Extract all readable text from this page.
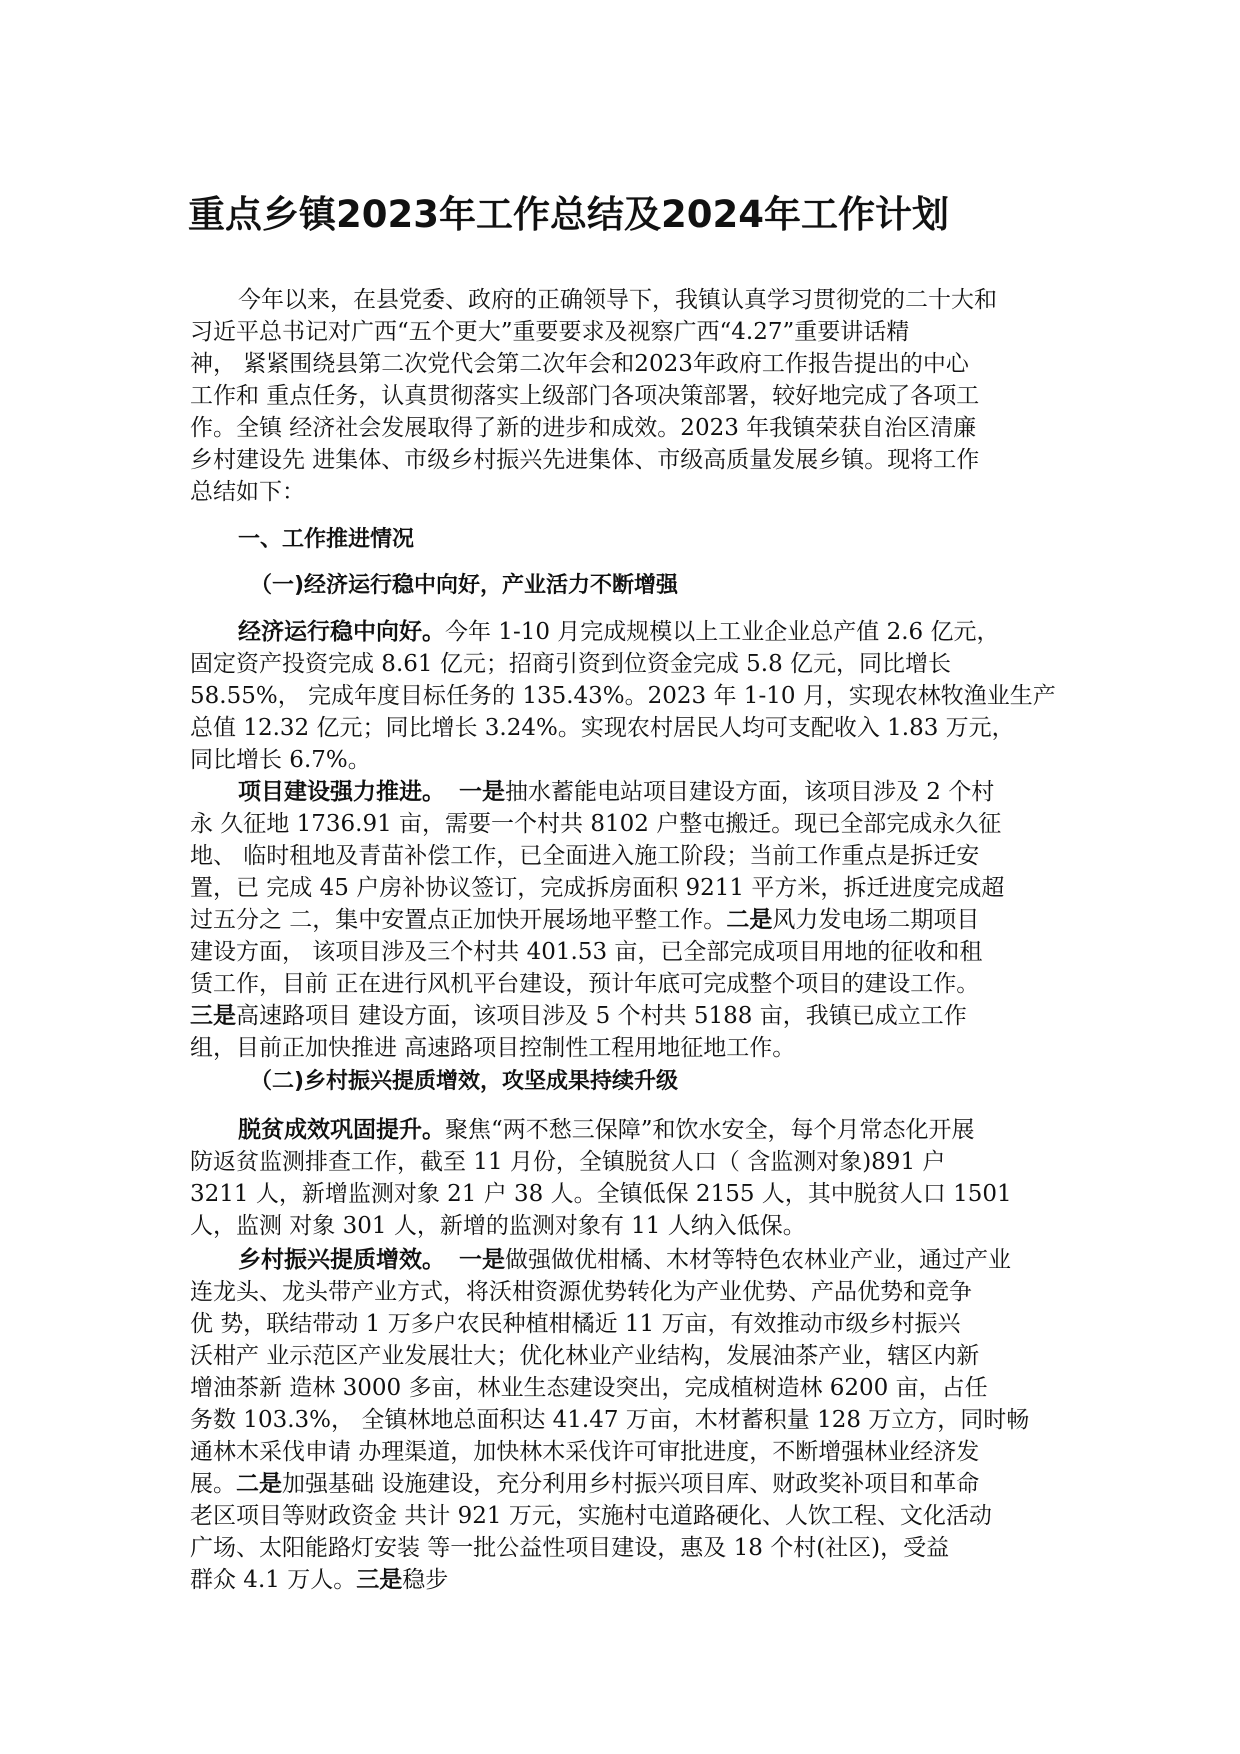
重点乡镇2023年工作总结及2024年工作计划
今年以来，在县党委、政府的正确领导下，我镇认真学习贯彻党的二十大和
习近平总书记对广西“五个更大”重要要求及视察广西“4.27”重要讲话精
神， 紧紧围绕县第二次党代会第二次年会和2023年政府工作报告提出的中心
工作和 重点任务，认真贯彻落实上级部门各项决策部署，较好地完成了各项工
作。全镇 经济社会发展取得了新的进步和成效。2023 年我镇荣获自治区清廉
乡村建设先 进集体、市级乡村振兴先进集体、市级高质量发展乡镇。现将工作
总结如下：
一、工作推进情况
（一)经济运行稳中向好，产业活力不断增强
经济运行稳中向好。今年 1-10 月完成规模以上工业企业总产值 2.6 亿元，
固定资产投资完成 8.61 亿元；招商引资到位资金完成 5.8 亿元，同比增长
58.55%， 完成年度目标任务的 135.43%。2023 年 1-10 月，实现农林牧渔业生产
总值 12.32 亿元；同比增长 3.24%。实现农村居民人均可支配收入 1.83 万元，
同比增长 6.7%。
项目建设强力推进。 一是抽水蓄能电站项目建设方面，该项目涉及 2 个村
永 久征地 1736.91 亩，需要一个村共 8102 户整屯搬迁。现已全部完成永久征
地、 临时租地及青苗补偿工作，已全面进入施工阶段；当前工作重点是拆迁安
置，已 完成 45 户房补协议签订，完成拆房面积 9211 平方米，拆迁进度完成超
过五分之 二，集中安置点正加快开展场地平整工作。二是风力发电场二期项目
建设方面， 该项目涉及三个村共 401.53 亩，已全部完成项目用地的征收和租
赁工作，目前 正在进行风机平台建设，预计年底可完成整个项目的建设工作。
三是高速路项目 建设方面，该项目涉及 5 个村共 5188 亩，我镇已成立工作
组，目前正加快推进 高速路项目控制性工程用地征地工作。
（二)乡村振兴提质增效，攻坚成果持续升级
脱贫成效巩固提升。聚焦“两不愁三保障”和饮水安全，每个月常态化开展
防返贫监测排查工作，截至 11 月份，全镇脱贫人口（ 含监测对象)891 户
3211 人，新增监测对象 21 户 38 人。全镇低保 2155 人，其中脱贫人口 1501
人，监测 对象 301 人，新增的监测对象有 11 人纳入低保。
乡村振兴提质增效。 一是做强做优柑橘、木材等特色农林业产业，通过产业
连龙头、龙头带产业方式，将沃柑资源优势转化为产业优势、产品优势和竞争
优 势，联结带动 1 万多户农民种植柑橘近 11 万亩，有效推动市级乡村振兴
沃柑产 业示范区产业发展壮大；优化林业产业结构，发展油茶产业，辖区内新
增油茶新 造林 3000 多亩，林业生态建设突出，完成植树造林 6200 亩，占任
务数 103.3%， 全镇林地总面积达 41.47 万亩，木材蓄积量 128 万立方，同时畅
通林木采伐申请 办理渠道，加快林木采伐许可审批进度，不断增强林业经济发
展。二是加强基础 设施建设，充分利用乡村振兴项目库、财政奖补项目和革命
老区项目等财政资金 共计 921 万元，实施村屯道路硬化、人饮工程、文化活动
广场、太阳能路灯安装 等一批公益性项目建设，惠及 18 个村(社区)，受益
群众 4.1 万人。三是稳步
